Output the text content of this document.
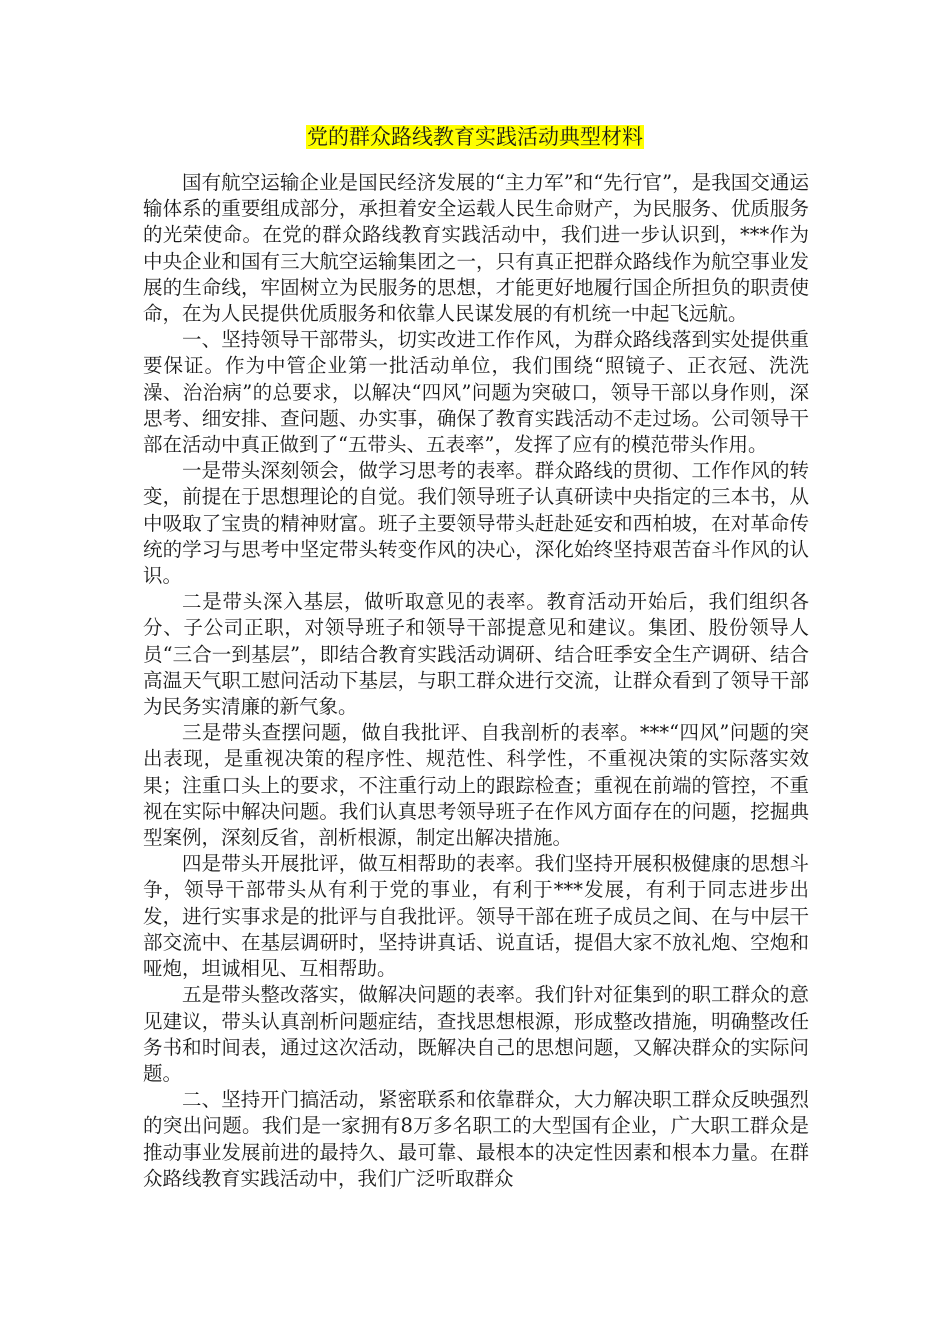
党的群众路线教育实践活动典型材料

国有航空运输企业是国民经济发展的“主力军”和“先行官”，是我国交通运输体系的重要组成部分，承担着安全运载人民生命财产，为民服务、优质服务的光荣使命。在党的群众路线教育实践活动中，我们进一步认识到，***作为中央企业和国有三大航空运输集团之一，只有真正把群众路线作为航空事业发展的生命线，牢固树立为民服务的思想，才能更好地履行国企所担负的职责使命，在为人民提供优质服务和依靠人民谋发展的有机统一中起飞远航。

一、坚持领导干部带头，切实改进工作作风，为群众路线落到实处提供重要保证。作为中管企业第一批活动单位，我们围绕“照镜子、正衣冠、洗洗澡、治治病”的总要求，以解决“四风”问题为突破口，领导干部以身作则，深思考、细安排、查问题、办实事，确保了教育实践活动不走过场。公司领导干部在活动中真正做到了“五带头、五表率”，发挥了应有的模范带头作用。

一是带头深刻领会，做学习思考的表率。群众路线的贯彻、工作作风的转变，前提在于思想理论的自觉。我们领导班子认真研读中央指定的三本书，从中吸取了宝贵的精神财富。班子主要领导带头赶赴延安和西柏坡，在对革命传统的学习与思考中坚定带头转变作风的决心，深化始终坚持艰苦奋斗作风的认识。

二是带头深入基层，做听取意见的表率。教育活动开始后，我们组织各分、子公司正职，对领导班子和领导干部提意见和建议。集团、股份领导人员“三合一到基层”，即结合教育实践活动调研、结合旺季安全生产调研、结合高温天气职工慰问活动下基层，与职工群众进行交流，让群众看到了领导干部为民务实清廉的新气象。

三是带头查摆问题，做自我批评、自我剖析的表率。***“四风”问题的突出表现，是重视决策的程序性、规范性、科学性，不重视决策的实际落实效果；注重口头上的要求，不注重行动上的跟踪检查；重视在前端的管控，不重视在实际中解决问题。我们认真思考领导班子在作风方面存在的问题，挖掘典型案例，深刻反省，剖析根源，制定出解决措施。

四是带头开展批评，做互相帮助的表率。我们坚持开展积极健康的思想斗争，领导干部带头从有利于党的事业，有利于***发展，有利于同志进步出发，进行实事求是的批评与自我批评。领导干部在班子成员之间、在与中层干部交流中、在基层调研时，坚持讲真话、说直话，提倡大家不放礼炮、空炮和哑炮，坦诚相见、互相帮助。

五是带头整改落实，做解决问题的表率。我们针对征集到的职工群众的意见建议，带头认真剖析问题症结，查找思想根源，形成整改措施，明确整改任务书和时间表，通过这次活动，既解决自己的思想问题，又解决群众的实际问题。

二、坚持开门搞活动，紧密联系和依靠群众，大力解决职工群众反映强烈的突出问题。我们是一家拥有8万多名职工的大型国有企业，广大职工群众是推动事业发展前进的最持久、最可靠、最根本的决定性因素和根本力量。在群众路线教育实践活动中，我们广泛听取群众
